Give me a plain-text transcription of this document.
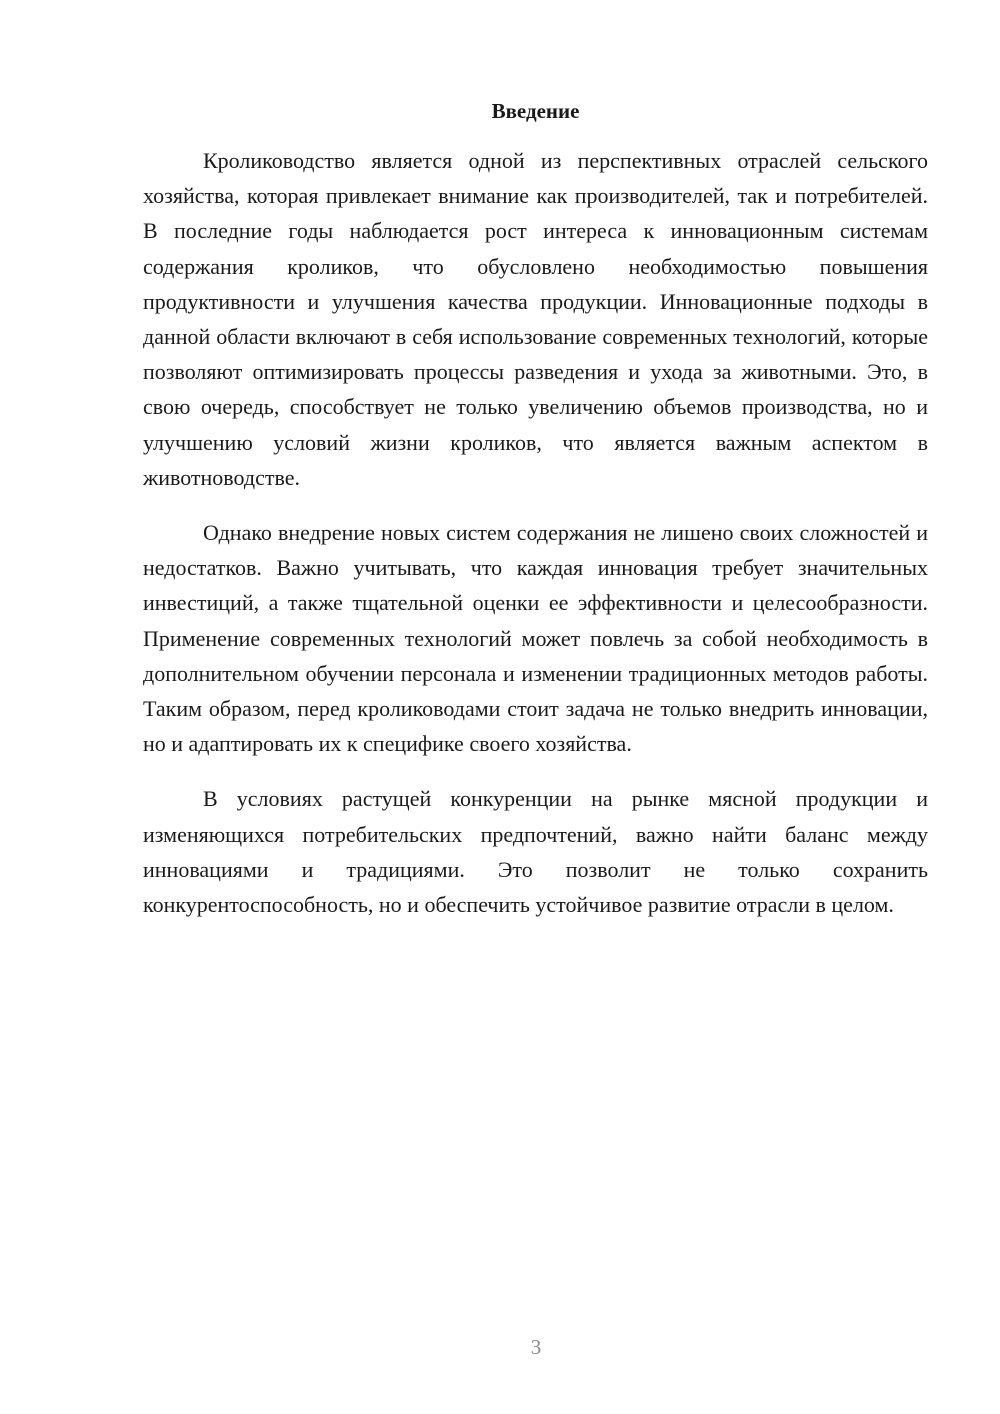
Введение

Кролиководство является одной из перспективных отраслей сельского хозяйства, которая привлекает внимание как производителей, так и потребителей. В последние годы наблюдается рост интереса к инновационным системам содержания кроликов, что обусловлено необходимостью повышения продуктивности и улучшения качества продукции. Инновационные подходы в данной области включают в себя использование современных технологий, которые позволяют оптимизировать процессы разведения и ухода за животными. Это, в свою очередь, способствует не только увеличению объемов производства, но и улучшению условий жизни кроликов, что является важным аспектом в животноводстве.

Однако внедрение новых систем содержания не лишено своих сложностей и недостатков. Важно учитывать, что каждая инновация требует значительных инвестиций, а также тщательной оценки ее эффективности и целесообразности. Применение современных технологий может повлечь за собой необходимость в дополнительном обучении персонала и изменении традиционных методов работы. Таким образом, перед кролиководами стоит задача не только внедрить инновации, но и адаптировать их к специфике своего хозяйства.

В условиях растущей конкуренции на рынке мясной продукции и изменяющихся потребительских предпочтений, важно найти баланс между инновациями и традициями. Это позволит не только сохранить конкурентоспособность, но и обеспечить устойчивое развитие отрасли в целом.

3
